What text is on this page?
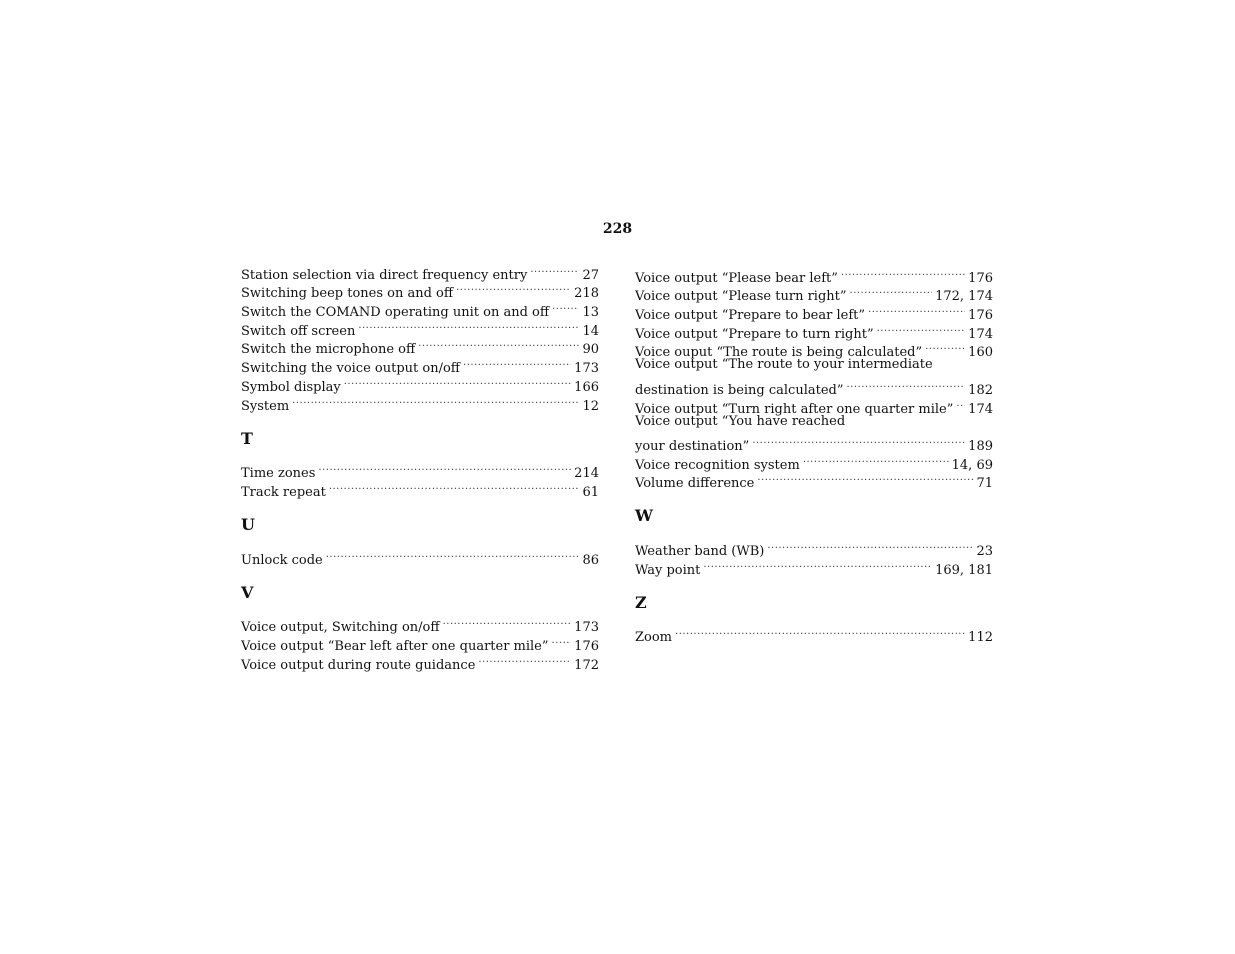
228
Station selection via direct frequency entry .....	27
Switching beep tones on and off .....	218
Switch the COMAND operating unit on and off .....	13
Switch off screen .....	14
Switch the microphone off .....	90
Switching the voice output on/off .....	173
Symbol display .....	166
System .....	12
T
Time zones .....	214
Track repeat .....	61
U
Unlock code .....	86
V
Voice output, Switching on/off .....	173
Voice output “Bear left after one quarter mile” ..... 176
Voice output during route guidance .....	172
Voice output “Please bear left” .....	176
Voice output “Please turn right” .....	172, 174
Voice output “Prepare to bear left” .....	176
Voice output “Prepare to turn right” .....	174
Voice ouput “The route is being calculated” .....	160
Voice output “The route to your intermediate
destination is being calculated” .....	182
Voice output “Turn right after one quarter mile” ..... 174
Voice output “You have reached
your destination” .....	189
Voice recognition system .....	14, 69
Volume difference .....	71
W
Weather band (WB) .....	23
Way point .....	169, 181
Z
Zoom .....	112
